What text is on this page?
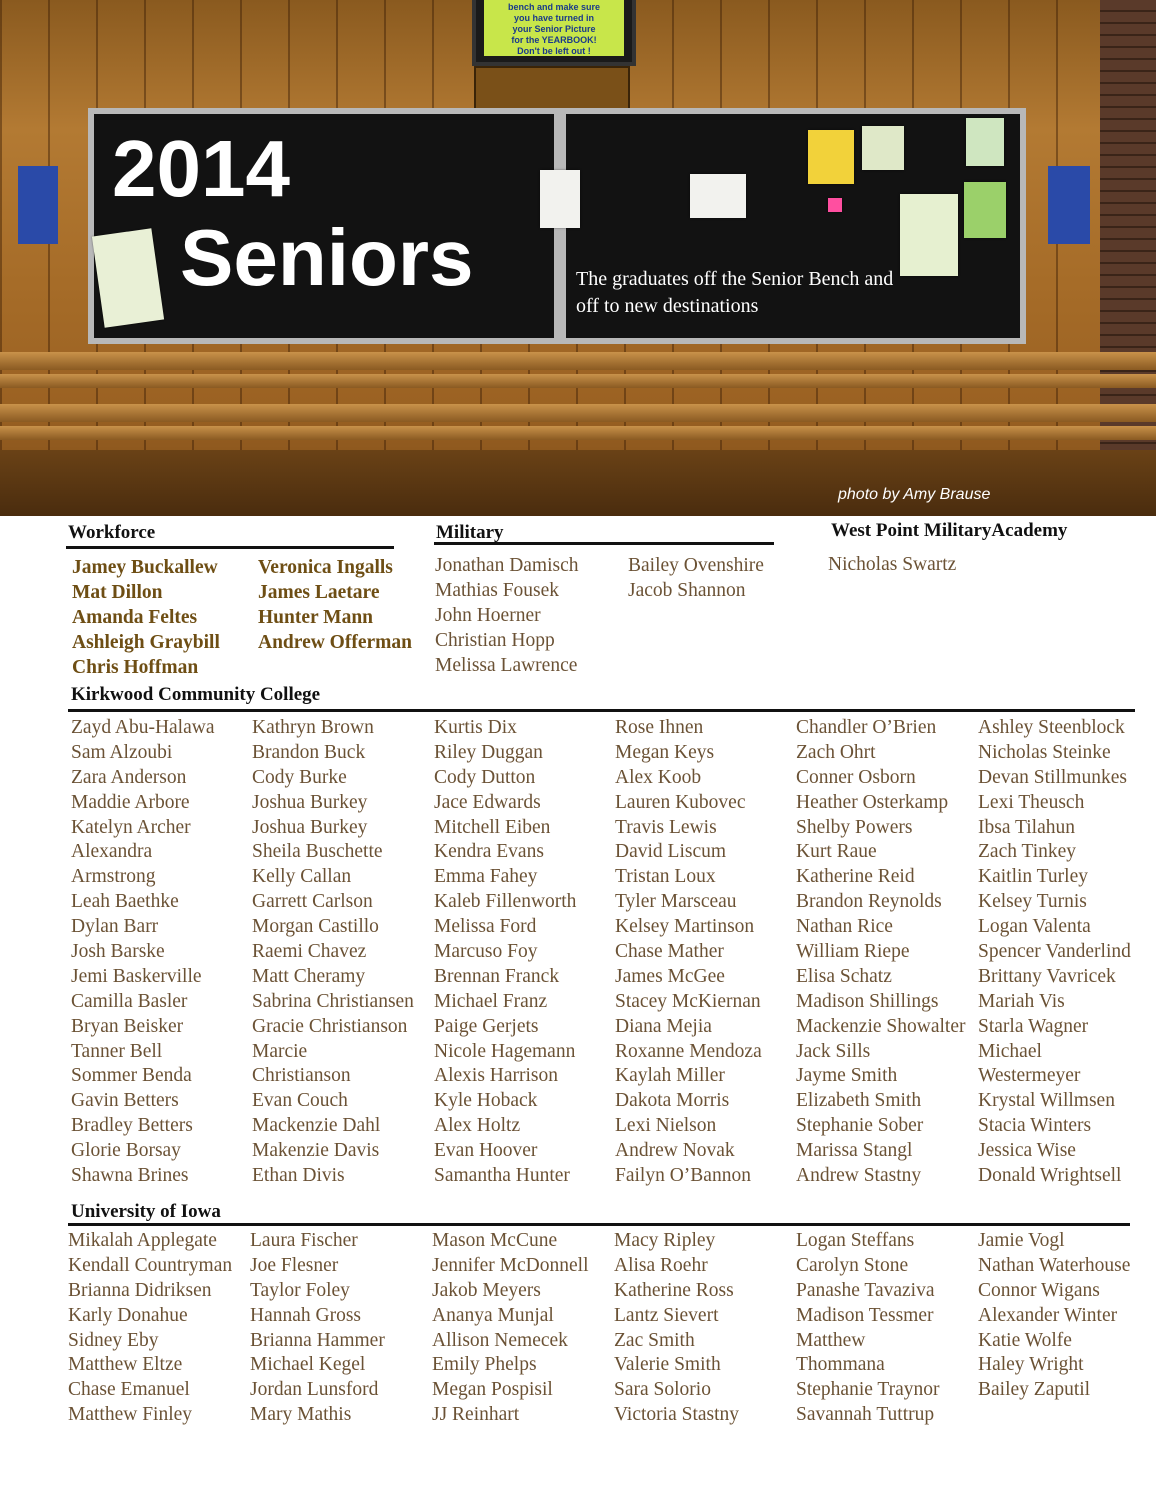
bench and make sure
you have turned in
your Senior Picture
for the YEARBOOK!
Don't be left out !
2014
Seniors	The graduates off the Senior Bench and off to new destinations

photo by Amy Brause
Workforce
Jamey Buckallew
Mat Dillon
Amanda Feltes
Ashleigh Graybill
Chris Hoffman
Veronica Ingalls
James Laetare
Hunter Mann
Andrew Offerman
Military
Jonathan Damisch
Mathias Fousek
John Hoerner
Christian Hopp
Melissa Lawrence
Bailey Ovenshire
Jacob Shannon
West Point MilitaryAcademy
Nicholas Swartz
Kirkwood Community College
Zayd Abu-Halawa
Sam Alzoubi
Zara Anderson
Maddie Arbore
Katelyn Archer
Alexandra
Armstrong
Leah Baethke
Dylan Barr
Josh Barske
Jemi Baskerville
Camilla Basler
Bryan Beisker
Tanner Bell
Sommer Benda
Gavin Betters
Bradley Betters
Glorie Borsay
Shawna Brines
Kathryn Brown
Brandon Buck
Cody Burke
Joshua Burkey
Joshua Burkey
Sheila Buschette
Kelly Callan
Garrett Carlson
Morgan Castillo
Raemi Chavez
Matt Cheramy
Sabrina Christiansen
Gracie Christianson
Marcie
Christianson
Evan Couch
Mackenzie Dahl
Makenzie Davis
Ethan Divis
Kurtis Dix
Riley Duggan
Cody Dutton
Jace Edwards
Mitchell Eiben
Kendra Evans
Emma Fahey
Kaleb Fillenworth
Melissa Ford
Marcuso Foy
Brennan Franck
Michael Franz
Paige Gerjets
Nicole Hagemann
Alexis Harrison
Kyle Hoback
Alex Holtz
Evan Hoover
Samantha Hunter
Rose Ihnen
Megan Keys
Alex Koob
Lauren Kubovec
Travis Lewis
David Liscum
Tristan Loux
Tyler Marsceau
Kelsey Martinson
Chase Mather
James McGee
Stacey McKiernan
Diana Mejia
Roxanne Mendoza
Kaylah Miller
Dakota Morris
Lexi Nielson
Andrew Novak
Failyn O’Bannon
Chandler O’Brien
Zach Ohrt
Conner Osborn
Heather Osterkamp
Shelby Powers
Kurt Raue
Katherine Reid
Brandon Reynolds
Nathan Rice
William Riepe
Elisa Schatz
Madison Shillings
Mackenzie Showalter
Jack Sills
Jayme Smith
Elizabeth Smith
Stephanie Sober
Marissa Stangl
Andrew Stastny
Ashley Steenblock
Nicholas Steinke
Devan Stillmunkes
Lexi Theusch
Ibsa Tilahun
Zach Tinkey
Kaitlin Turley
Kelsey Turnis
Logan Valenta
Spencer Vanderlind
Brittany Vavricek
Mariah Vis
Starla Wagner
Michael
Westermeyer
Krystal Willmsen
Stacia Winters
Jessica Wise
Donald Wrightsell
University of Iowa
Mikalah Applegate
Kendall Countryman
Brianna Didriksen
Karly Donahue
Sidney Eby
Matthew Eltze
Chase Emanuel
Matthew Finley
Laura Fischer
Joe Flesner
Taylor Foley
Hannah Gross
Brianna Hammer
Michael Kegel
Jordan Lunsford
Mary Mathis
Mason McCune
Jennifer McDonnell
Jakob Meyers
Ananya Munjal
Allison Nemecek
Emily Phelps
Megan Pospisil
JJ Reinhart
Macy Ripley
Alisa Roehr
Katherine Ross
Lantz Sievert
Zac Smith
Valerie Smith
Sara Solorio
Victoria Stastny
Logan Steffans
Carolyn Stone
Panashe Tavaziva
Madison Tessmer
Matthew
Thommana
Stephanie Traynor
Savannah Tuttrup
Jamie Vogl
Nathan Waterhouse
Connor Wigans
Alexander Winter
Katie Wolfe
Haley Wright
Bailey Zaputil
